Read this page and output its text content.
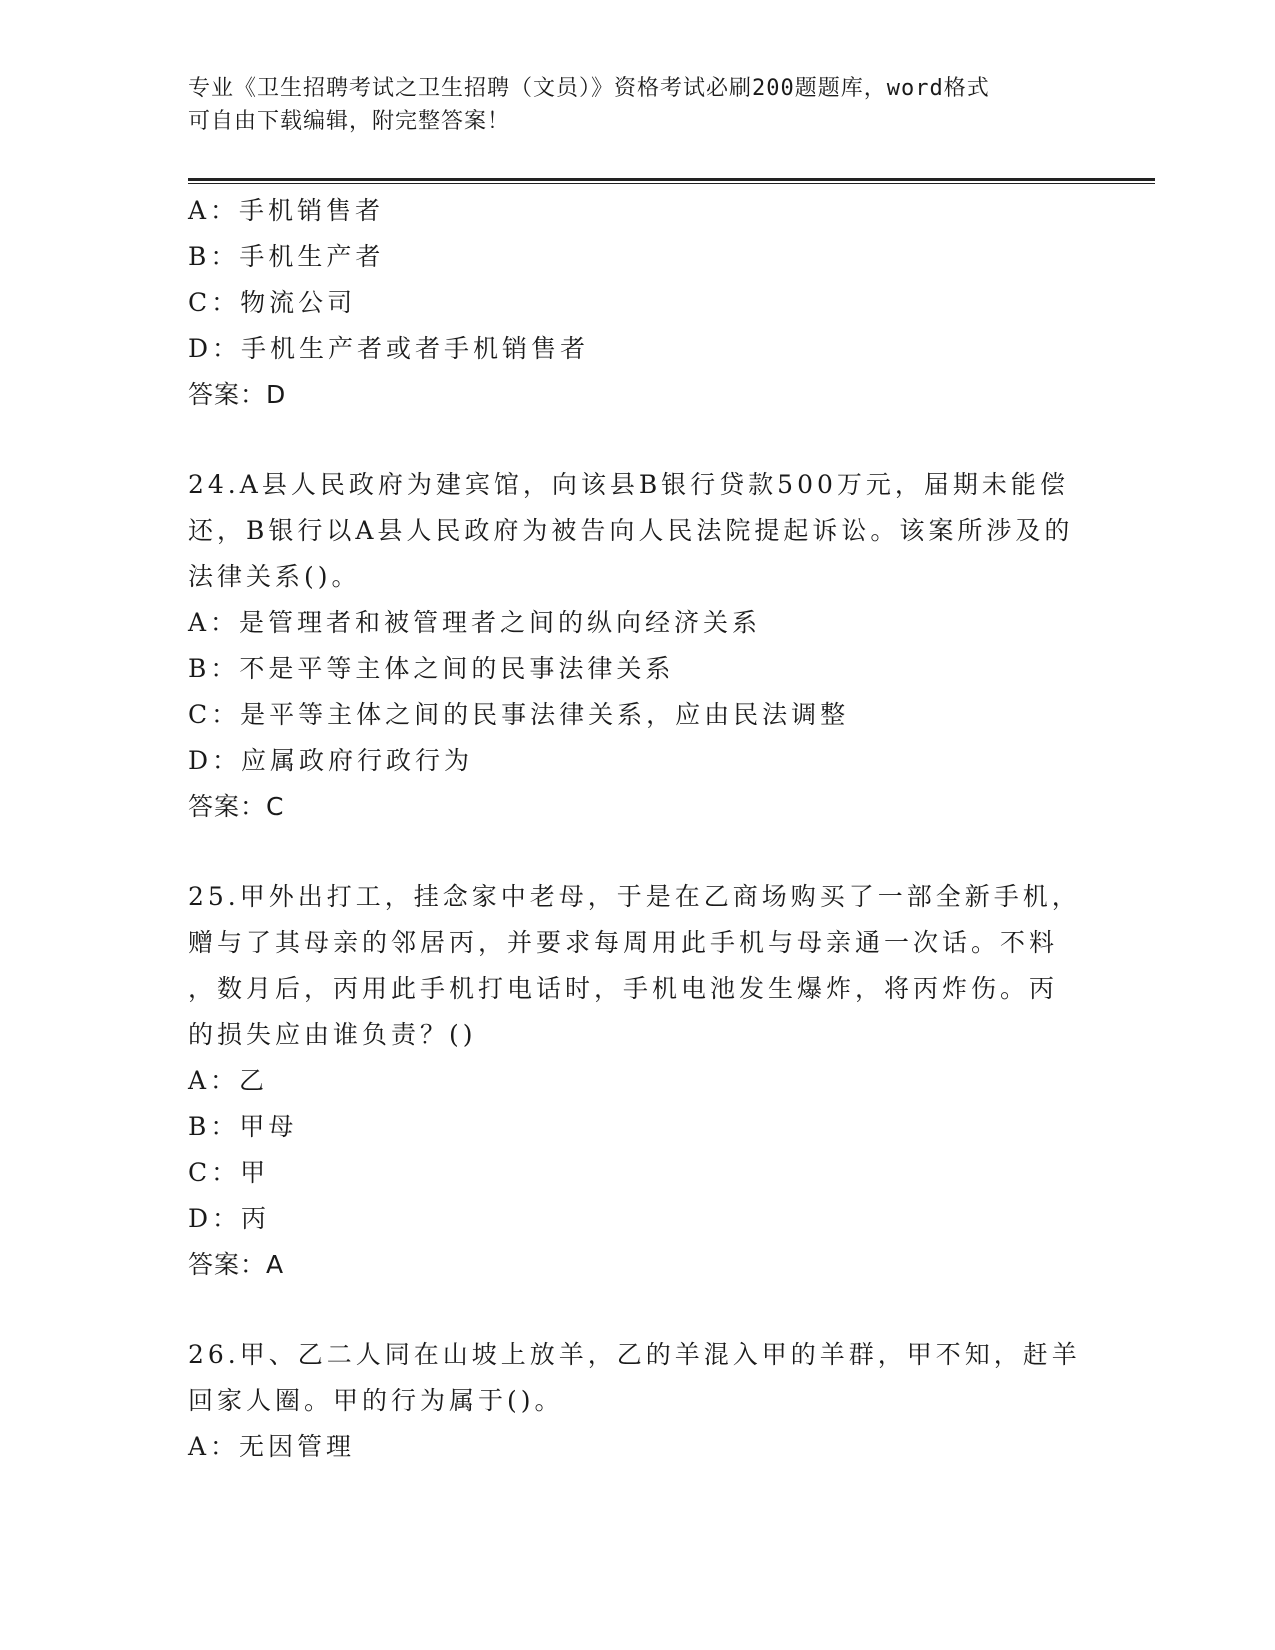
专业《卫生招聘考试之卫生招聘（文员）》资格考试必刷200题题库，word格式
可自由下载编辑，附完整答案！
A：手机销售者
B：手机生产者
C：物流公司
D：手机生产者或者手机销售者
答案：D
24.A县人民政府为建宾馆，向该县B银行贷款500万元，届期未能偿
还，B银行以A县人民政府为被告向人民法院提起诉讼。该案所涉及的
法律关系()。
A：是管理者和被管理者之间的纵向经济关系
B：不是平等主体之间的民事法律关系
C：是平等主体之间的民事法律关系，应由民法调整
D：应属政府行政行为
答案：C
25.甲外出打工，挂念家中老母，于是在乙商场购买了一部全新手机，
赠与了其母亲的邻居丙，并要求每周用此手机与母亲通一次话。不料
，数月后，丙用此手机打电话时，手机电池发生爆炸，将丙炸伤。丙
的损失应由谁负责？()
A：乙
B：甲母
C：甲
D：丙
答案：A
26.甲、乙二人同在山坡上放羊，乙的羊混入甲的羊群，甲不知，赶羊
回家人圈。甲的行为属于()。
A：无因管理
